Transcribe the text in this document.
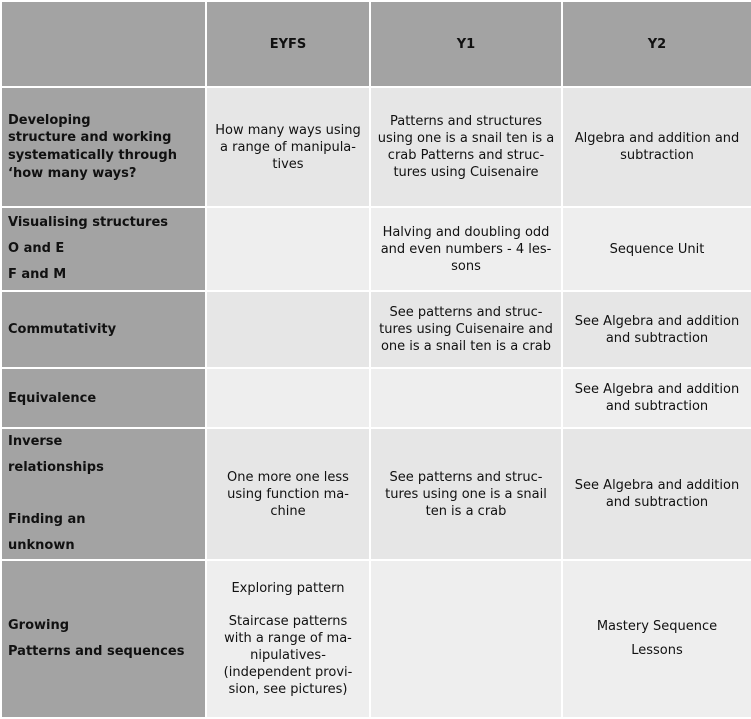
	EYFS	Y1	Y2

Developing
structure and working
systematically through
‘how many ways?	How many ways using a range of manipula-tives	Patterns and structures using one is a snail ten is a crab Patterns and struc-tures using Cuisenaire	Algebra and addition and subtraction

Visualising structures
O and E
F and M		Halving and doubling odd and even numbers - 4 les-sons	Sequence Unit

Commutativity		See patterns and struc-tures using Cuisenaire and one is a snail ten is a crab	See Algebra and addition and subtraction

Equivalence			See Algebra and addition and subtraction

Inverse
relationships
Finding an
unknown	One more one less using function ma-chine	See patterns and struc-tures using one is a snail ten is a crab	See Algebra and addition and subtraction

Growing
Patterns and sequences	Exploring pattern
Staircase patterns with a range of ma-nipulatives- (independent provi-sion, see pictures)		Mastery Sequence
Lessons
